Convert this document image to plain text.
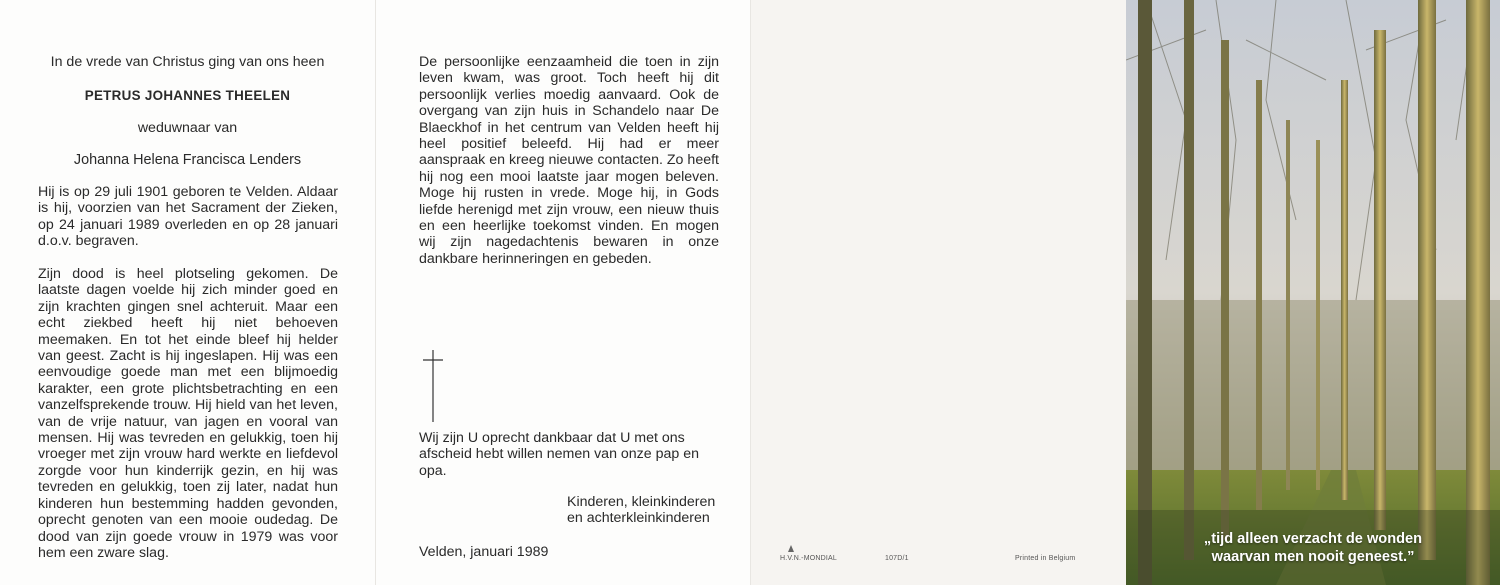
In de vrede van Christus ging van ons heen
PETRUS JOHANNES THEELEN
weduwnaar van
Johanna Helena Francisca Lenders
Hij is op 29 juli 1901 geboren te Velden. Aldaar is hij, voorzien van het Sacrament der Zieken, op 24 januari 1989 overleden en op 28 januari d.o.v. begraven.
Zijn dood is heel plotseling gekomen. De laatste dagen voelde hij zich minder goed en zijn krachten gingen snel achteruit. Maar een echt ziekbed heeft hij niet behoeven meemaken. En tot het einde bleef hij helder van geest. Zacht is hij ingeslapen. Hij was een eenvoudige goede man met een blijmoedig karakter, een grote plichtsbetrachting en een vanzelfsprekende trouw. Hij hield van het leven, van de vrije natuur, van jagen en vooral van mensen. Hij was tevreden en gelukkig, toen hij vroeger met zijn vrouw hard werkte en liefdevol zorgde voor hun kinderrijk gezin, en hij was tevreden en gelukkig, toen zij later, nadat hun kinderen hun bestemming hadden gevonden, oprecht genoten van een mooie oudedag. De dood van zijn goede vrouw in 1979 was voor hem een zware slag.
De persoonlijke eenzaamheid die toen in zijn leven kwam, was groot. Toch heeft hij dit persoonlijk verlies moedig aanvaard. Ook de overgang van zijn huis in Schandelo naar De Blaeckhof in het centrum van Velden heeft hij heel positief beleefd. Hij had er meer aanspraak en kreeg nieuwe contacten. Zo heeft hij nog een mooi laatste jaar mogen beleven. Moge hij rusten in vrede. Moge hij, in Gods liefde herenigd met zijn vrouw, een nieuw thuis en een heerlijke toekomst vinden. En mogen wij zijn nagedachtenis bewaren in onze dankbare herinneringen en gebeden.
Wij zijn U oprecht dankbaar dat U met ons afscheid hebt willen nemen van onze pap en opa.
Kinderen, kleinkinderen
en achterkleinkinderen
Velden, januari 1989	H.V.N.-MONDIAL	107D/1	Printed in Belgium
„tijd alleen verzacht de wonden
waarvan men nooit geneest.”
